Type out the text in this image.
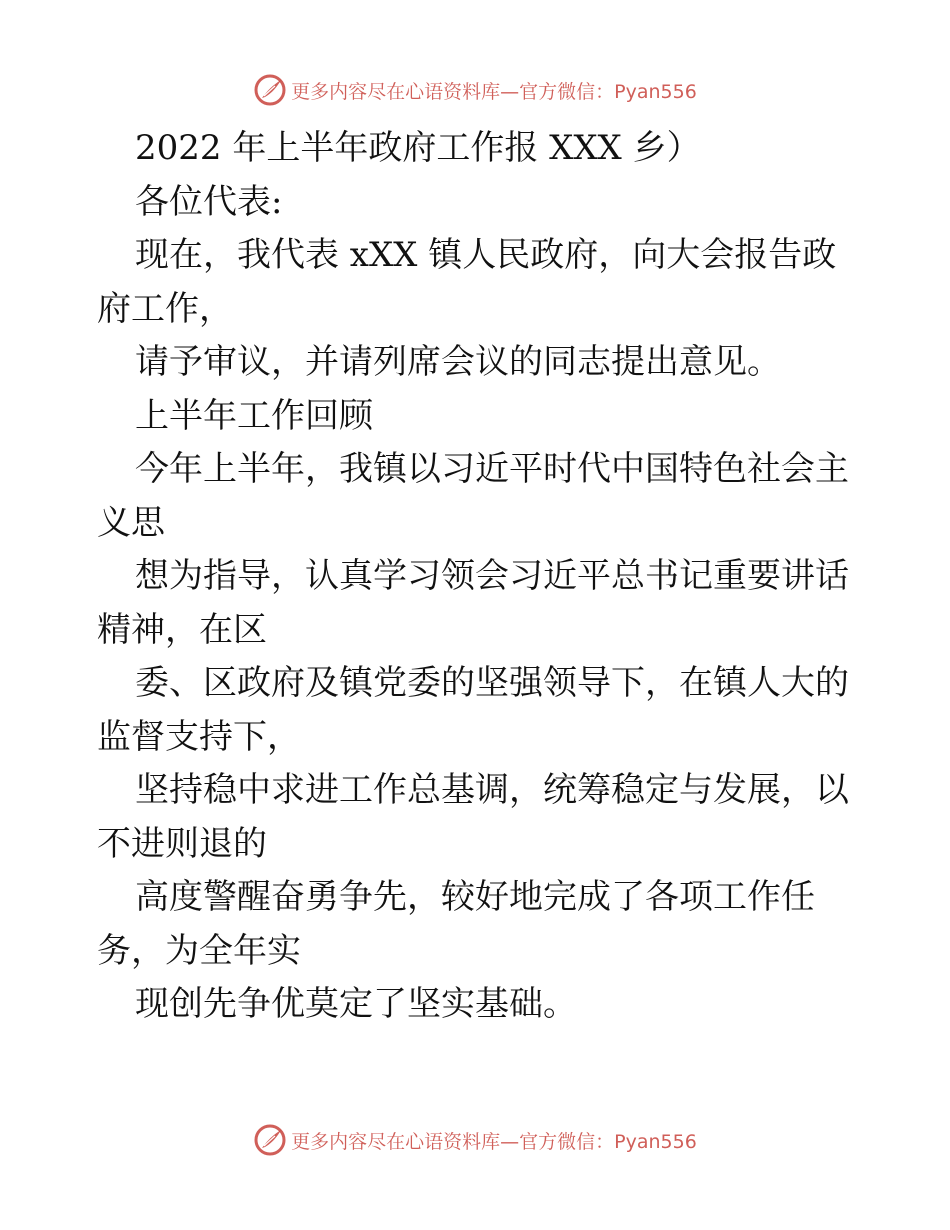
更多内容尽在心语资料库—官方微信：Pyan556
2022 年上半年政府工作报 XXX 乡）
各位代表:
现在，我代表 xXX 镇人民政府，向大会报告政
府工作，
请予审议，并请列席会议的同志提出意见。
上半年工作回顾
今年上半年，我镇以习近平时代中国特色社会主
义思
想为指导，认真学习领会习近平总书记重要讲话
精神，在区
委、区政府及镇党委的坚强领导下，在镇人大的
监督支持下，
坚持稳中求进工作总基调，统筹稳定与发展，以
不进则退的
高度警醒奋勇争先，较好地完成了各项工作任
务，为全年实
现创先争优莫定了坚实基础。
更多内容尽在心语资料库—官方微信：Pyan556
